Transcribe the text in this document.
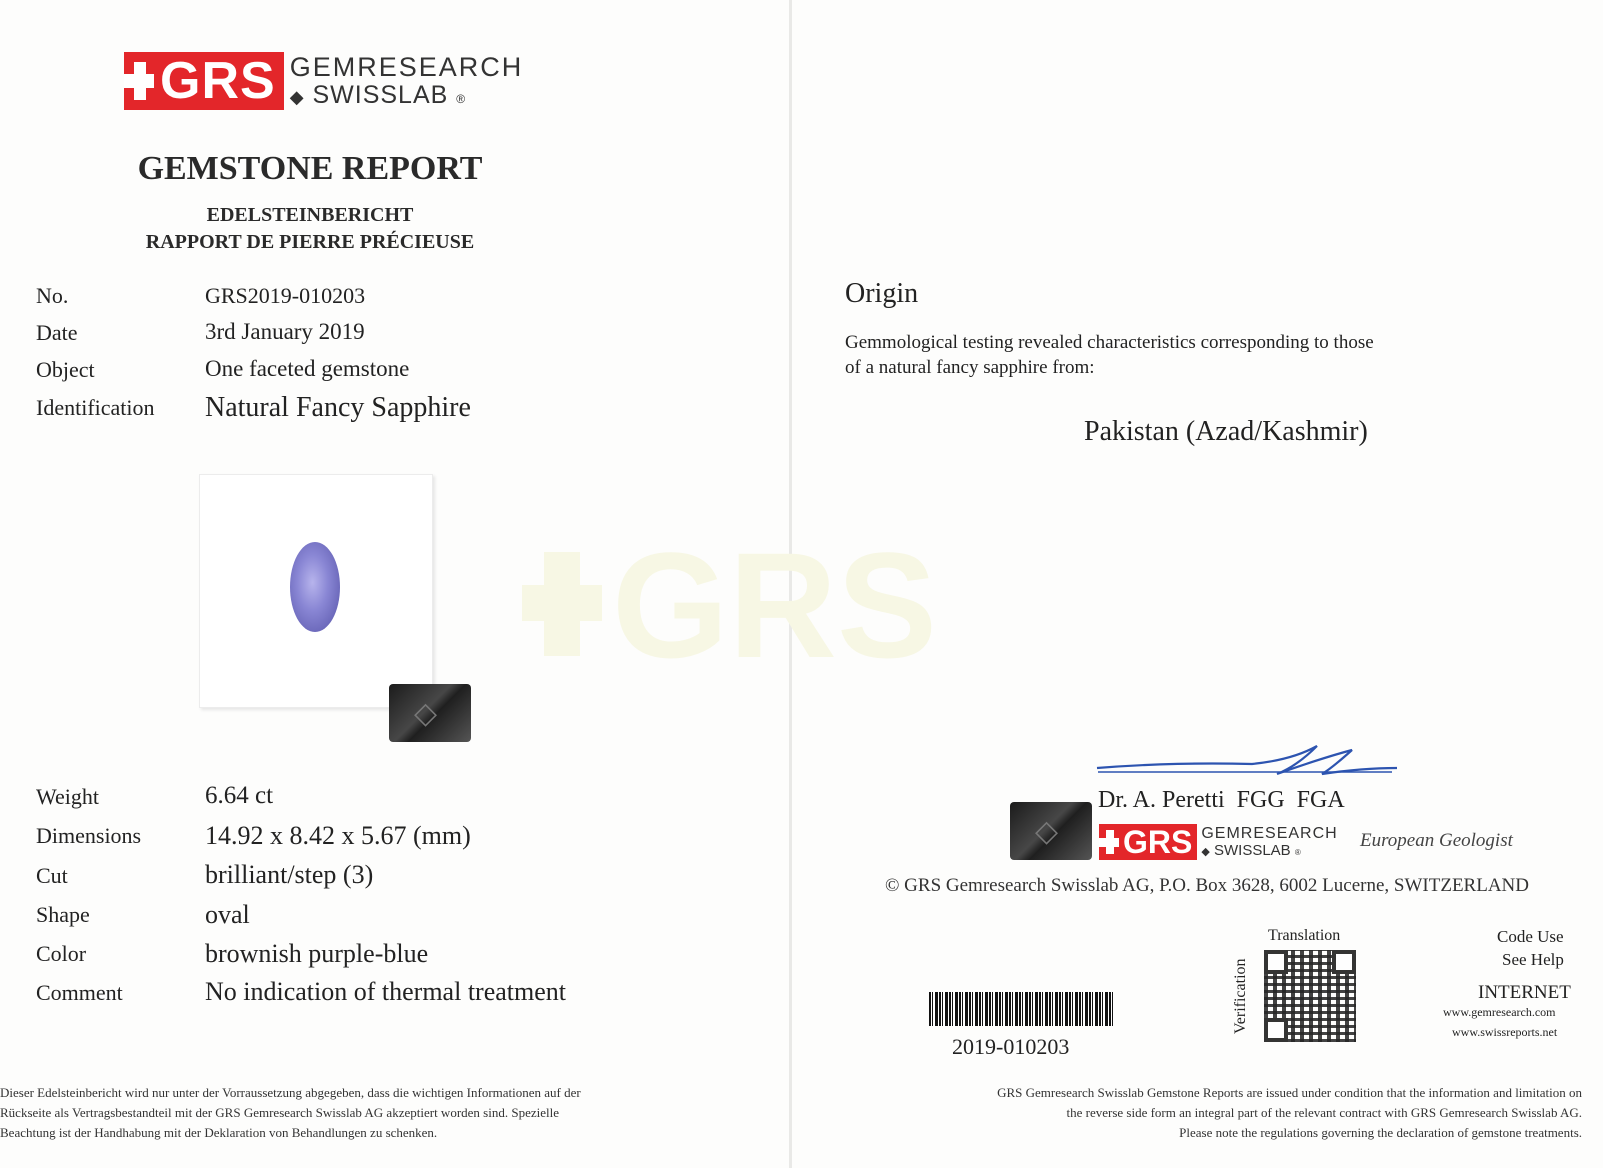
GRS GEMRESEARCH
◆ SWISSLAB ®
GEMSTONE REPORT
EDELSTEINBERICHT
RAPPORT DE PIERRE PRÉCIEUSE
No.	GRS2019-010203
Date	3rd January 2019
Object	One faceted gemstone
Identification Natural Fancy Sapphire
◇
Weight	6.64 ct
Dimensions 14.92 x 8.42 x 5.67 (mm)
Cut	brilliant/step (3)
Shape	oval
Color	brownish purple-blue
Comment	No indication of thermal treatment
Dieser Edelsteinbericht wird nur unter der Vorraussetzung abgegeben, dass die wichtigen Informationen auf der
Rückseite als Vertragsbestandteil mit der GRS Gemresearch Swisslab AG akzeptiert worden sind. Spezielle
Beachtung ist der Handhabung mit der Deklaration von Behandlungen zu schenken.
GRS
Origin
Gemmological testing revealed characteristics corresponding to those
of a natural fancy sapphire from:
Pakistan (Azad/Kashmir)
Dr. A. Peretti  FGG  FGA
◇ GRS GEMRESEARCH
◆ SWISSLAB ®
European Geologist
© GRS Gemresearch Swisslab AG, P.O. Box 3628, 6002 Lucerne, SWITZERLAND
Translation
Verification
Code Use
See Help
INTERNET
www.gemresearch.com
www.swissreports.net
2019-010203
GRS Gemresearch Swisslab Gemstone Reports are issued under condition that the information and limitation on
the reverse side form an integral part of the relevant contract with GRS Gemresearch Swisslab AG.
Please note the regulations governing the declaration of gemstone treatments.
